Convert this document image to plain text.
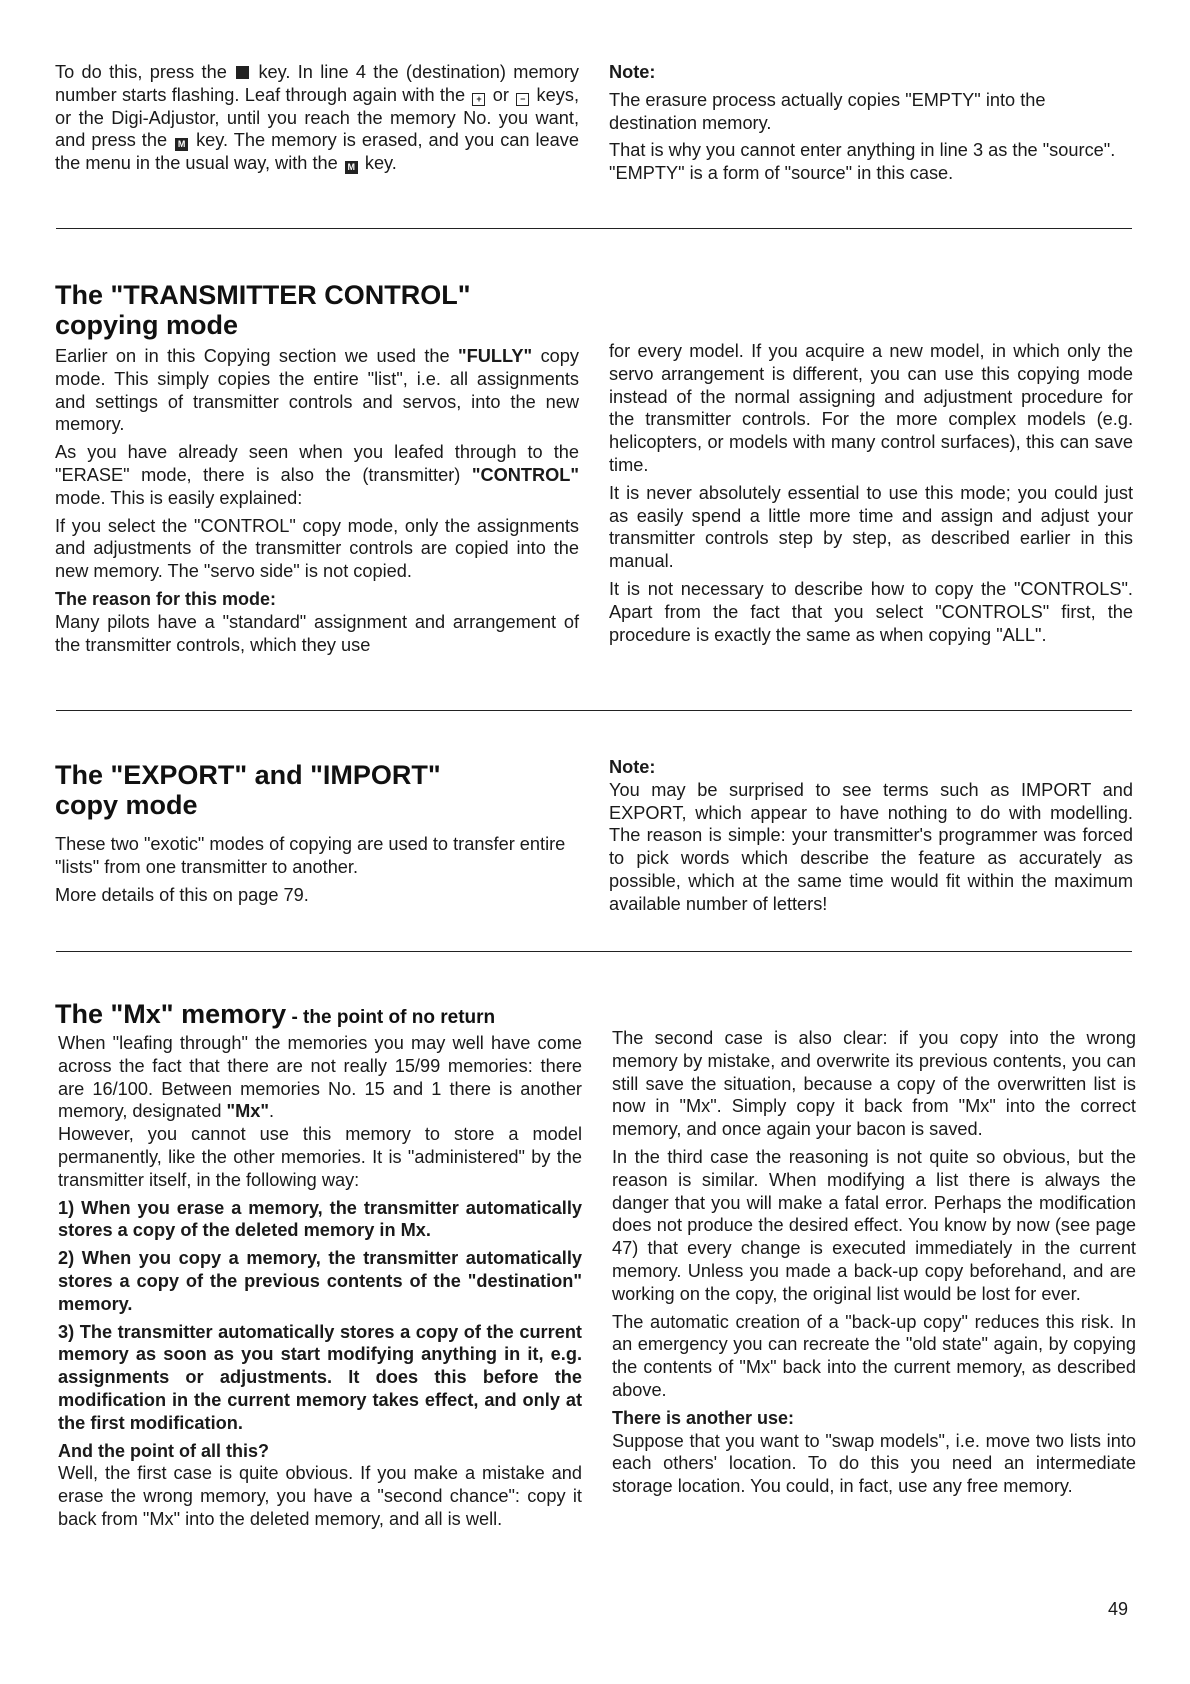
To do this, press the  key. In line 4 the (destination) memory number starts flashing. Leaf through again with the + or − keys, or the Digi-Adjustor, until you reach the memory No. you want, and press the M key. The memory is erased, and you can leave the menu in the usual way, with the M key.

Note:

The erasure process actually copies "EMPTY" into the destination memory.

That is why you cannot enter anything in line 3 as the "source". "EMPTY" is a form of "source" in this case.

The "TRANSMITTER CONTROL"
copying mode

Earlier on in this Copying section we used the "FULLY" copy mode. This simply copies the entire "list", i.e. all assignments and settings of transmitter controls and servos, into the new memory.

As you have already seen when you leafed through to the "ERASE" mode, there is also the (transmitter) "CONTROL" mode. This is easily explained:

If you select the "CONTROL" copy mode, only the assignments and adjustments of the transmitter controls are copied into the new memory. The "servo side" is not copied.

The reason for this mode:

Many pilots have a "standard" assignment and arrangement of the transmitter controls, which they use

for every model. If you acquire a new model, in which only the servo arrangement is different, you can use this copying mode instead of the normal assigning and adjustment procedure for the transmitter controls. For the more complex models (e.g. helicopters, or models with many control surfaces), this can save time.

It is never absolutely essential to use this mode; you could just as easily spend a little more time and assign and adjust your transmitter controls step by step, as described earlier in this manual.

It is not necessary to describe how to copy the "CONTROLS". Apart from the fact that you select "CONTROLS" first, the procedure is exactly the same as when copying "ALL".

The "EXPORT" and "IMPORT"
copy mode

These two "exotic" modes of copying are used to transfer entire "lists" from one transmitter to another.

More details of this on page 79.

Note:

You may be surprised to see terms such as IMPORT and EXPORT, which appear to have nothing to do with modelling. The reason is simple: your transmitter's programmer was forced to pick words which describe the feature as accurately as possible, which at the same time would fit within the maximum available number of letters!

The "Mx" memory - the point of no return

When "leafing through" the memories you may well have come across the fact that there are not really 15/99 memories: there are 16/100. Between memories No. 15 and 1 there is another memory, designated "Mx".

However, you cannot use this memory to store a model permanently, like the other memories. It is "administered" by the transmitter itself, in the following way:

1) When you erase a memory, the transmitter automatically stores a copy of the deleted memory in Mx.

2) When you copy a memory, the transmitter automatically stores a copy of the previous contents of the "destination" memory.

3) The transmitter automatically stores a copy of the current memory as soon as you start modifying anything in it, e.g. assignments or adjustments. It does this before the modification in the current memory takes effect, and only at the first modification.

And the point of all this?

Well, the first case is quite obvious. If you make a mistake and erase the wrong memory, you have a "second chance": copy it back from "Mx" into the deleted memory, and all is well.

The second case is also clear: if you copy into the wrong memory by mistake, and overwrite its previous contents, you can still save the situation, because a copy of the overwritten list is now in "Mx". Simply copy it back from "Mx" into the correct memory, and once again your bacon is saved.

In the third case the reasoning is not quite so obvious, but the reason is similar. When modifying a list there is always the danger that you will make a fatal error. Perhaps the modification does not produce the desired effect. You know by now (see page 47) that every change is executed immediately in the current memory. Unless you made a back-up copy beforehand, and are working on the copy, the original list would be lost for ever.

The automatic creation of a "back-up copy" reduces this risk. In an emergency you can recreate the "old state" again, by copying the contents of "Mx" back into the current memory, as described above.

There is another use:

Suppose that you want to "swap models", i.e. move two lists into each others' location. To do this you need an intermediate storage location. You could, in fact, use any free memory.

49
